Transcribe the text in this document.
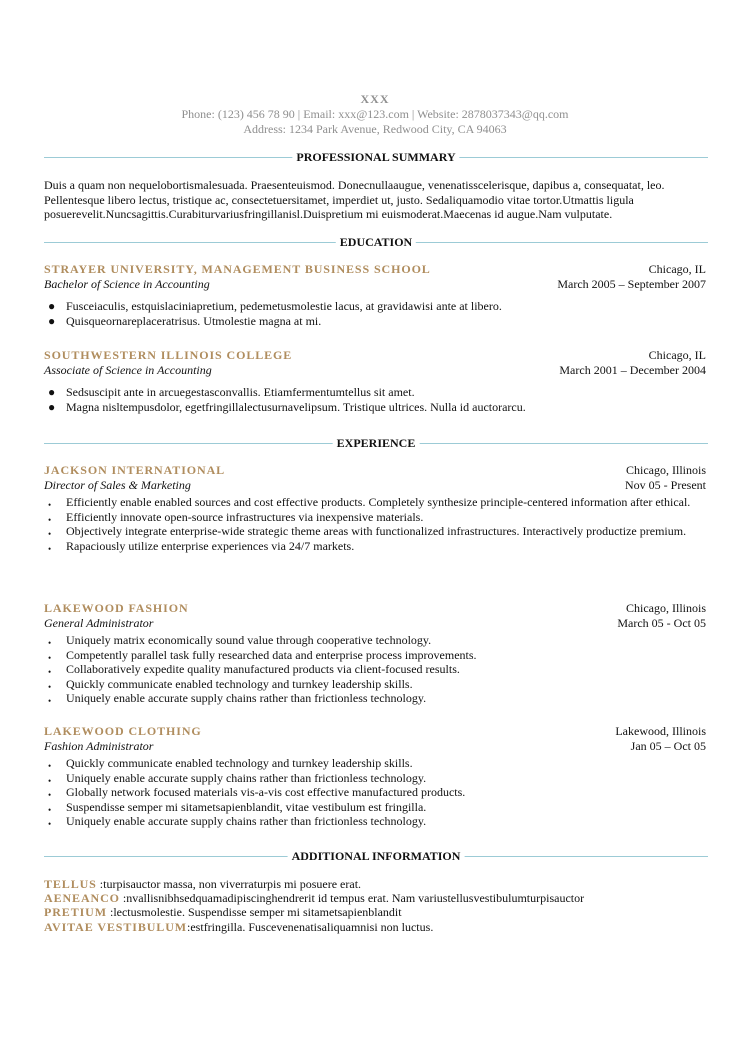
XXX
Phone: (123) 456 78 90 | Email: xxx@123.com | Website: 2878037343@qq.com
Address: 1234 Park Avenue, Redwood City, CA 94063
PROFESSIONAL SUMMARY
Duis a quam non nequelobortismalesuada. Praesenteuismod. Donecnullaaugue, venenatisscelerisque, dapibus a, consequatat, leo.
Pellentesque libero lectus, tristique ac, consectetuersitamet, imperdiet ut, justo. Sedaliquamodio vitae tortor.Utmattis ligula
posuerevelit.Nuncsagittis.Curabiturvariusfringillanisl.Duispretium mi euismoderat.Maecenas id augue.Nam vulputate.
EDUCATION
STRAYER UNIVERSITY, MANAGEMENT BUSINESS SCHOOL	Chicago, IL
Bachelor of Science in Accounting	March 2005 – September 2007
● Fusceiaculis, estquislaciniapretium, pedemetusmolestie lacus, at gravidawisi ante at libero.
● Quisqueornareplaceratrisus. Utmolestie magna at mi.
SOUTHWESTERN ILLINOIS COLLEGE	Chicago, IL
Associate of Science in Accounting	March 2001 – December 2004
● Sedsuscipit ante in arcuegestasconvallis. Etiamfermentumtellus sit amet.
● Magna nisltempusdolor, egetfringillalectusurnavelipsum. Tristique ultrices. Nulla id auctorarcu.
EXPERIENCE
JACKSON INTERNATIONAL	Chicago, Illinois
Director of Sales & Marketing	Nov 05 - Present
• Efficiently enable enabled sources and cost effective products. Completely synthesize principle-centered information after ethical.
• Efficiently innovate open-source infrastructures via inexpensive materials.
• Objectively integrate enterprise-wide strategic theme areas with functionalized infrastructures. Interactively productize premium.
• Rapaciously utilize enterprise experiences via 24/7 markets.
LAKEWOOD FASHION	Chicago, Illinois
General Administrator	March 05 - Oct 05
• Uniquely matrix economically sound value through cooperative technology.
• Competently parallel task fully researched data and enterprise process improvements.
• Collaboratively expedite quality manufactured products via client-focused results.
• Quickly communicate enabled technology and turnkey leadership skills.
• Uniquely enable accurate supply chains rather than frictionless technology.
LAKEWOOD CLOTHING	Lakewood, Illinois
Fashion Administrator	Jan 05 – Oct 05
• Quickly communicate enabled technology and turnkey leadership skills.
• Uniquely enable accurate supply chains rather than frictionless technology.
• Globally network focused materials vis-a-vis cost effective manufactured products.
• Suspendisse semper mi sitametsapienblandit, vitae vestibulum est fringilla.
• Uniquely enable accurate supply chains rather than frictionless technology.
ADDITIONAL INFORMATION
TELLUS :turpisauctor massa, non viverraturpis mi posuere erat.
AENEANCO :nvallisnibhsedquamadipiscinghendrerit id tempus erat. Nam variustellusvestibulumturpisauctor
PRETIUM :lectusmolestie. Suspendisse semper mi sitametsapienblandit
AVITAE VESTIBULUM:estfringilla. Fuscevenenatisaliquamnisi non luctus.
